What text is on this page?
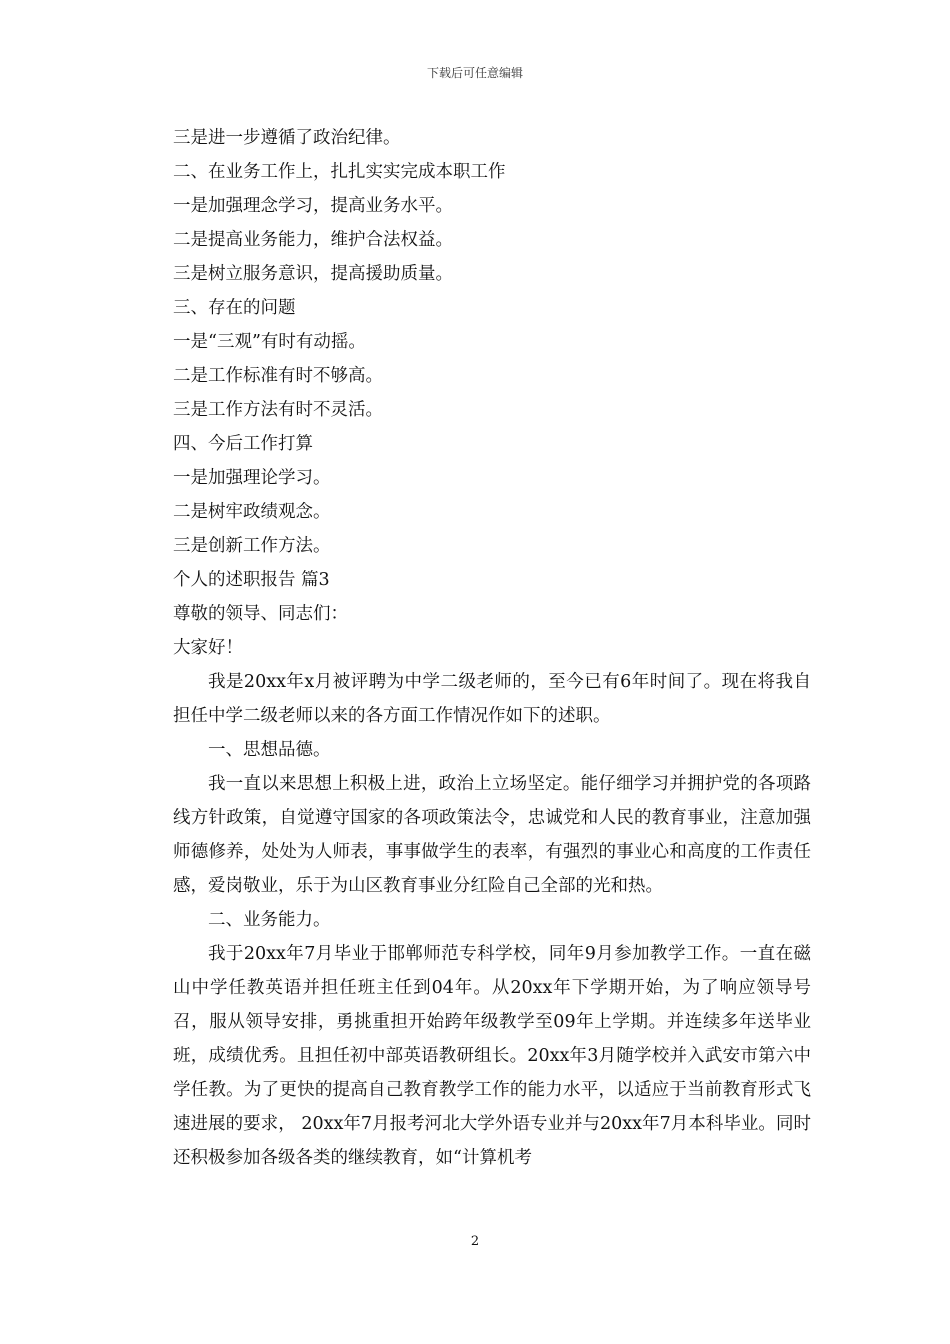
下载后可任意编辑
三是进一步遵循了政治纪律。
二、在业务工作上，扎扎实实完成本职工作
一是加强理念学习，提高业务水平。
二是提高业务能力，维护合法权益。
三是树立服务意识，提高援助质量。
三、存在的问题
一是“三观”有时有动摇。
二是工作标准有时不够高。
三是工作方法有时不灵活。
四、今后工作打算
一是加强理论学习。
二是树牢政绩观念。
三是创新工作方法。
个人的述职报告 篇3
尊敬的领导、同志们：
大家好！
我是20xx年x月被评聘为中学二级老师的，至今已有6年时间了。现在将我自担任中学二级老师以来的各方面工作情况作如下的述职。
一、思想品德。
我一直以来思想上积极上进，政治上立场坚定。能仔细学习并拥护党的各项路线方针政策，自觉遵守国家的各项政策法令，忠诚党和人民的教育事业，注意加强师德修养，处处为人师表，事事做学生的表率，有强烈的事业心和高度的工作责任感，爱岗敬业，乐于为山区教育事业分红险自己全部的光和热。
二、业务能力。
我于20xx年7月毕业于邯郸师范专科学校，同年9月参加教学工作。一直在磁山中学任教英语并担任班主任到04年。从20xx年下学期开始，为了响应领导号召，服从领导安排，勇挑重担开始跨年级教学至09年上学期。并连续多年送毕业班，成绩优秀。且担任初中部英语教研组长。20xx年3月随学校并入武安市第六中学任教。为了更快的提高自己教育教学工作的能力水平，以适应于当前教育形式飞速进展的要求， 20xx年7月报考河北大学外语专业并与20xx年7月本科毕业。同时还积极参加各级各类的继续教育，如“计算机考
2
